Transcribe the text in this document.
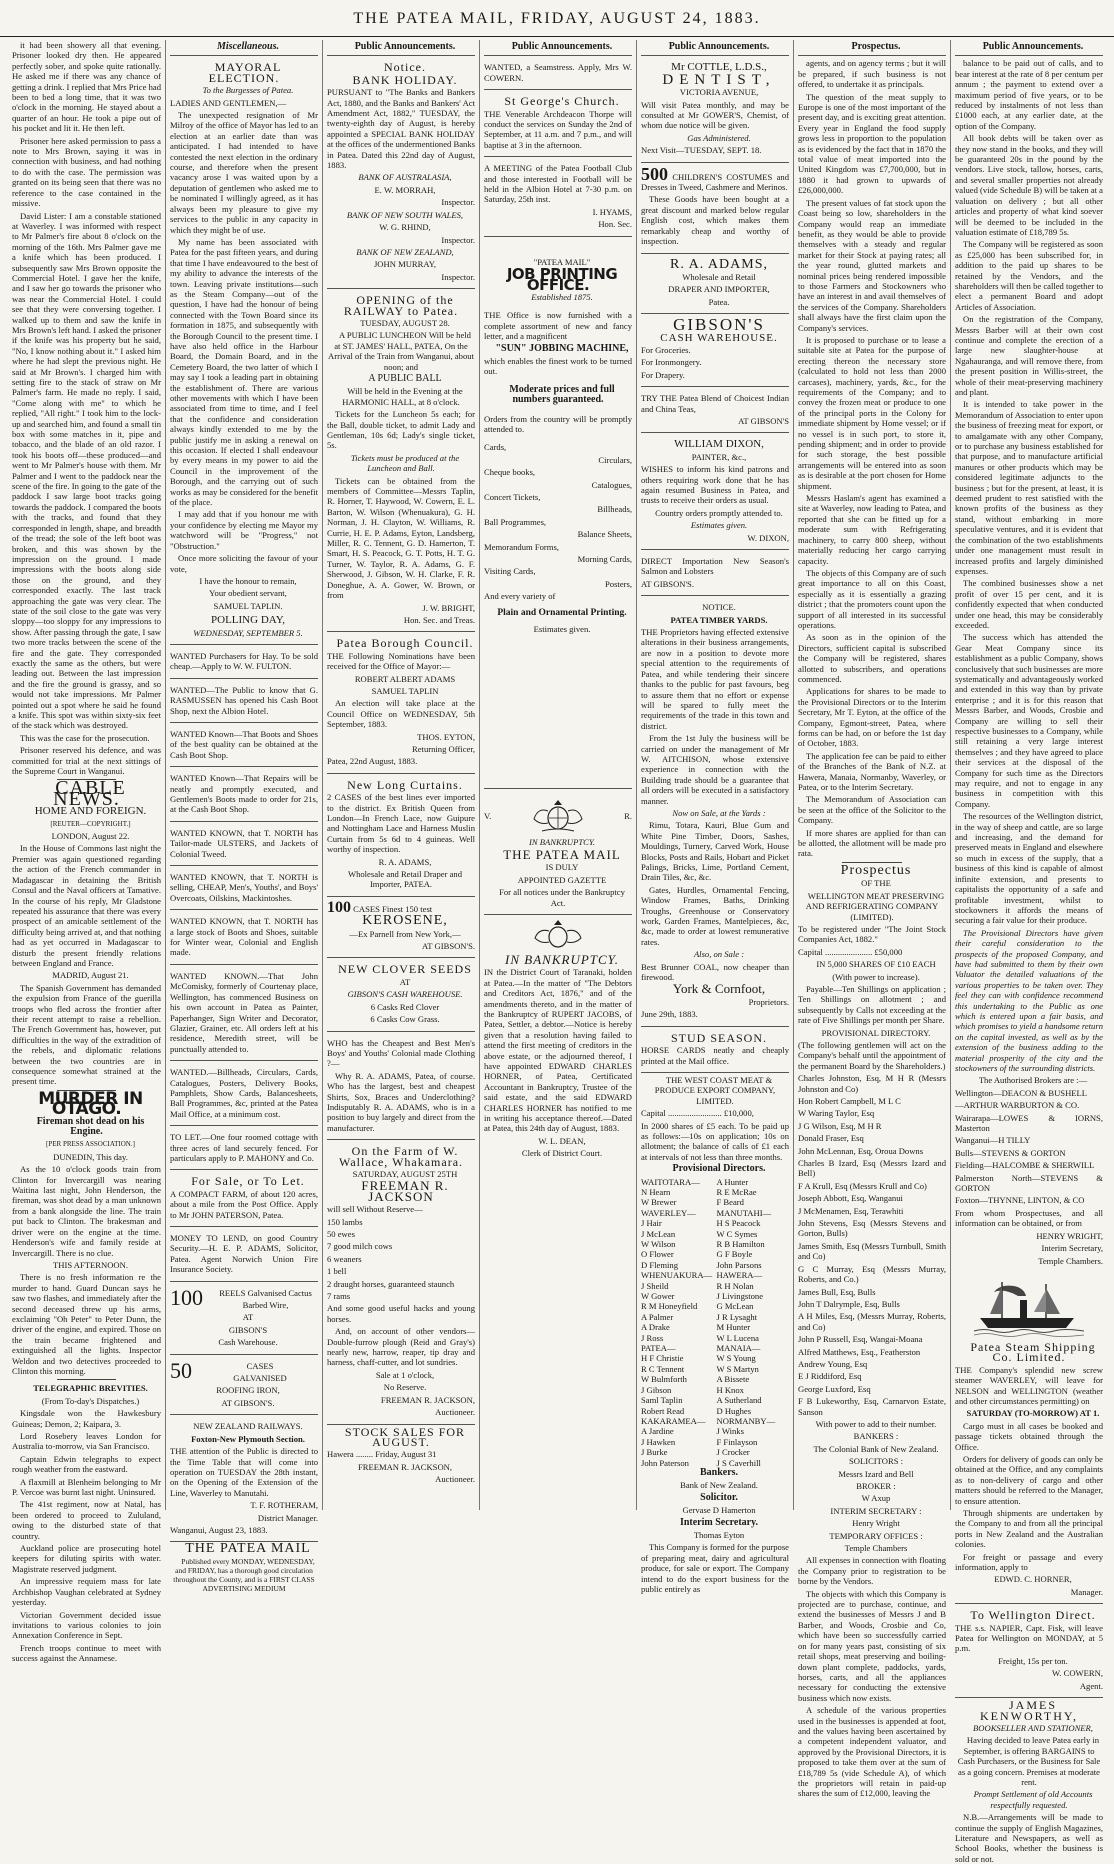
THE PATEA MAIL, FRIDAY, AUGUST 24, 1883.

it had been showery all that evening. Prisoner looked dry then. He appeared perfectly sober, and spoke quite rationally. He asked me if there was any chance of getting a drink. I replied that Mrs Price had been to bed a long time, that it was two o'clock in the morning. He stayed about a quarter of an hour. He took a pipe out of his pocket and lit it. He then left.

Prisoner here asked permission to pass a note to Mrs Brown, saying it was in connection with business, and had nothing to do with the case. The permission was granted on its being seen that there was no reference to the case contained in the missive.

David Lister: I am a constable stationed at Waverley. I was informed with respect to Mr Palmer's fire about 8 o'clock on the morning of the 16th. Mrs Palmer gave me a knife which has been produced. I subsequently saw Mrs Brown opposite the Commercial Hotel. I gave her the knife, and I saw her go towards the prisoner who was near the Commercial Hotel. I could see that they were conversing together. I walked up to them and saw the knife in Mrs Brown's left hand. I asked the prisoner if the knife was his property but he said, "No, I know nothing about it." I asked him where he had slept the previous night. He said at Mr Brown's. I charged him with setting fire to the stack of straw on Mr Palmer's farm. He made no reply. I said, "Come along with me" to which he replied, "All right." I took him to the lock-up and searched him, and found a small tin box with some matches in it, pipe and tobacco, and the blade of an old razor. I took his boots off—these produced—and went to Mr Palmer's house with them. Mr Palmer and I went to the paddock near the scene of the fire. In going to the gate of the paddock I saw large boot tracks going towards the paddock. I compared the boots with the tracks, and found that they corresponded in length, shape, and breadth of the tread; the sole of the left boot was broken, and this was shown by the impression on the ground. I made impressions with the boots along side those on the ground, and they corresponded exactly. The last track approaching the gate was very clear. The state of the soil close to the gate was very sloppy—too sloppy for any impressions to show. After passing through the gate, I saw two more tracks between the scene of the fire and the gate. They corresponded exactly the same as the others, but were leading out. Between the last impression and the fire the ground is grassy, and so would not take impressions. Mr Palmer pointed out a spot where he said he found a knife. This spot was within sixty-six feet of the stack which was destroyed.

This was the case for the prosecution.

Prisoner reserved his defence, and was committed for trial at the next sittings of the Supreme Court in Wanganui.

CABLE NEWS.

HOME AND FOREIGN.

[REUTER—COPYRIGHT.]

LONDON, August 22.

In the House of Commons last night the Premier was again questioned regarding the action of the French commander in Madagascar in detaining the British Consul and the Naval officers at Tamative. In the course of his reply, Mr Gladstone repeated his assurance that there was every prospect of an amicable settlement of the difficulty being arrived at, and that nothing had as yet occurred in Madagascar to disturb the present friendly relations between England and France.

MADRID, August 21.

The Spanish Government has demanded the expulsion from France of the guerilla troops who fled across the frontier after their recent attempt to raise a rebellion. The French Government has, however, put difficulties in the way of the extradition of the rebels, and diplomatic relations between the two countries are in consequence somewhat strained at the present time.

MURDER IN OTAGO.

Fireman shot dead on his Engine.

[PER PRESS ASSOCIATION.]

DUNEDIN, This day.

As the 10 o'clock goods train from Clinton for Invercargill was nearing Waitina last night, John Henderson, the fireman, was shot dead by a man unknown from a bank alongside the line. The train put back to Clinton. The brakesman and driver were on the engine at the time. Henderson's wife and family reside at Invercargill. There is no clue.

THIS AFTERNOON.

There is no fresh information re the murder to hand. Guard Duncan says he saw two flashes, and immediately after the second deceased threw up his arms, exclaiming "Oh Peter" to Peter Dunn, the driver of the engine, and expired. Those on the train became frightened and extinguished all the lights. Inspector Weldon and two detectives proceeded to Clinton this morning.

TELEGRAPHIC BREVITIES.

(From To-day's Dispatches.)

Kingsdale won the Hawkesbury Guineas; Demon, 2; Kaipara, 3.

Lord Rosebery leaves London for Australia to-morrow, via San Francisco.

Captain Edwin telegraphs to expect rough weather from the eastward.

A flaxmill at Blenheim belonging to Mr P. Vercoe was burnt last night. Uninsured.

The 41st regiment, now at Natal, has been ordered to proceed to Zululand, owing to the disturbed state of that country.

Auckland police are prosecuting hotel keepers for diluting spirits with water. Magistrate reserved judgment.

An impressive requiem mass for late Archbishop Vaughan celebrated at Sydney yesterday.

Victorian Government decided issue invitations to various colonies to join Annexation Conference in Sept.

French troops continue to meet with success against the Annamese.

Miscellaneous.

MAYORAL ELECTION.

To the Burgesses of Patea.

LADIES AND GENTLEMEN,—

The unexpected resignation of Mr Milroy of the office of Mayor has led to an election at an earlier date than was anticipated. I had intended to have contested the next election in the ordinary course, and therefore when the present vacancy arose I was waited upon by a deputation of gentlemen who asked me to be nominated I willingly agreed, as it has always been my pleasure to give my services to the public in any capacity in which they might be of use.

My name has been associated with Patea for the past fifteen years, and during that time I have endeavoured to the best of my ability to advance the interests of the town. Leaving private institutions—such as the Steam Company—out of the question, I have had the honour of being connected with the Town Board since its formation in 1875, and subsequently with the Borough Council to the present time. I have also held office in the Harbour Board, the Domain Board, and in the Cemetery Board, the two latter of which I may say I took a leading part in obtaining the establishment of. There are various other movements with which I have been associated from time to time, and I feel that the confidence and consideration always kindly extended to me by the public justify me in asking a renewal on this occasion. If elected I shall endeavour by every means in my power to aid the Council in the improvement of the Borough, and the carrying out of such works as may be considered for the benefit of the place.

I may add that if you honour me with your confidence by electing me Mayor my watchword will be "Progress," not "Obstruction."

Once more soliciting the favour of your vote,

I have the honour to remain,

Your obedient servant,

SAMUEL TAPLIN.

POLLING DAY,

WEDNESDAY, SEPTEMBER 5.

WANTED Purchasers for Hay. To be sold cheap.—Apply to W. W. FULTON.

WANTED—The Public to know that G. RASMUSSEN has opened his Cash Boot Shop, next the Albion Hotel.

WANTED Known—That Boots and Shoes of the best quality can be obtained at the Cash Boot Shop.

WANTED Known—That Repairs will be neatly and promptly executed, and Gentlemen's Boots made to order for 21s, at the Cash Boot Shop.

WANTED KNOWN, that T. NORTH has Tailor-made ULSTERS, and Jackets of Colonial Tweed.

WANTED KNOWN, that T. NORTH is selling, CHEAP, Men's, Youths', and Boys' Overcoats, Oilskins, Mackintoshes.

WANTED KNOWN, that T. NORTH has a large stock of Boots and Shoes, suitable for Winter wear, Colonial and English made.

WANTED KNOWN.—That John McComisky, formerly of Courtenay place, Wellington, has commenced Business on his own account in Patea as Painter, Paperhanger, Sign Writer and Decorator, Glazier, Grainer, etc. All orders left at his residence, Meredith street, will be punctually attended to.

WANTED.—Billheads, Circulars, Cards, Catalogues, Posters, Delivery Books, Pamphlets, Show Cards, Balancesheets, Ball Programmes, &c, printed at the Patea Mail Office, at a minimum cost.

TO LET.—One four roomed cottage with three acres of land securely fenced. For particulars apply to P. MAHONY and Co.

For Sale, or To Let.

A COMPACT FARM, of about 120 acres, about a mile from the Post Office. Apply to Mr JOHN PATERSON, Patea.

MONEY TO LEND, on good Country Security.—H. E. P. ADAMS, Solicitor, Patea. Agent Norwich Union Fire Insurance Society.

100	REELS Galvanised Cactus

Barbed Wire,

AT

GIBSON'S

Cash Warehouse.

50	CASES

GALVANISED

ROOFING IRON,

AT GIBSON'S.

NEW ZEALAND RAILWAYS.

Foxton-New Plymouth Section.

THE attention of the Public is directed to the Time Table that will come into operation on TUESDAY the 28th instant, on the Opening of the Extension of the Line, Waverley to Manutahi.

T. F. ROTHERAM,

District Manager.

Wanganui, August 23, 1883.

THE PATEA MAIL

Published every MONDAY, WEDNESDAY, and FRIDAY, has a thorough good circulation throughout the County, and is a FIRST CLASS ADVERTISING MEDIUM

Public Announcements.

Notice.

BANK HOLIDAY.

PURSUANT to "The Banks and Bankers Act, 1880, and the Banks and Bankers' Act Amendment Act, 1882," TUESDAY, the twenty-eighth day of August, is hereby appointed a SPECIAL BANK HOLIDAY at the offices of the undermentioned Banks in Patea. Dated this 22nd day of August, 1883.

BANK OF AUSTRALASIA,

E. W. MORRAH,

Inspector.

BANK OF NEW SOUTH WALES,

W. G. RHIND,

Inspector.

BANK OF NEW ZEALAND,

JOHN MURRAY,

Inspector.

OPENING of the RAILWAY to Patea.

TUESDAY, AUGUST 28.

A PUBLIC LUNCHEON Will be held at ST. JAMES' HALL, PATEA, On the Arrival of the Train from Wanganui, about noon; and

A PUBLIC BALL

Will be held in the Evening at the HARMONIC HALL, at 8 o'clock.

Tickets for the Luncheon 5s each; for the Ball, double ticket, to admit Lady and Gentleman, 10s 6d; Lady's single ticket, 5s.

Tickets must be produced at the Luncheon and Ball.

Tickets can be obtained from the members of Committee—Messrs Taplin, R. Horner, T. Haywood, W. Cowern, E. L. Barton, W. Wilson (Whenuakura), G. H. Norman, J. H. Clayton, W. Williams, R. Currie, H. E. P. Adams, Eyton, Landsberg, Miller, R. C. Tennent, G. D. Hamerton, T. Smart, H. S. Peacock, G. T. Potts, H. T. G. Turner, W. Taylor, R. A. Adams, G. F. Sherwood, J. Gibson, W. H. Clarke, F. R. Doneghue, A. A. Gower, W. Brown, or from

J. W. BRIGHT,

Hon. Sec. and Treas.

Patea Borough Council.

THE Following Nominations have been received for the Office of Mayor:—

ROBERT ALBERT ADAMS

SAMUEL TAPLIN

An election will take place at the Council Office on WEDNESDAY, 5th September, 1883.

THOS. EYTON,

Returning Officer,

Patea, 22nd August, 1883.

New Long Curtains.

2 CASES of the best lines ever imported to the district. Ex British Queen from London—In French Lace, now Guipure and Nottingham Lace and Harness Muslin Curtain from 5s 6d to 4 guineas. Well worthy of inspection.

R. A. ADAMS,

Wholesale and Retail Draper and Importer, PATEA.

100 CASES Finest 150 test

KEROSENE,

—Ex Parnell from New York,—

AT GIBSON'S.

NEW CLOVER SEEDS

AT

GIBSON'S CASH WAREHOUSE.

6 Casks Red Clover

6 Casks Cow Grass.

WHO has the Cheapest and Best Men's Boys' and Youths' Colonial made Clothing ?—

Why R. A. ADAMS, Patea, of course. Who has the largest, best and cheapest Shirts, Sox, Braces and Underclothing? Indisputably R. A. ADAMS, who is in a position to buy largely and direct from the manufacturer.

On the Farm of W. Wallace, Whakamara.

SATURDAY, AUGUST 25TH

FREEMAN R. JACKSON

will sell Without Reserve—

150 lambs

50 ewes

7 good milch cows

6 weaners

1 bell

2 draught horses, guaranteed staunch

7 rams

And some good useful hacks and young horses.

And, on account of other vendors—Double-furrow plough (Reid and Gray's) nearly new, harrow, reaper, tip dray and harness, chaff-cutter, and lot sundries.

Sale at 1 o'clock,

No Reserve.

FREEMAN R. JACKSON,

Auctioneer.

STOCK SALES FOR AUGUST.

Hawera ........ Friday, August 31

FREEMAN R. JACKSON,

Auctioneer.

Public Announcements.

WANTED, a Seamstress. Apply, Mrs W. COWERN.

St George's Church.

THE Venerable Archdeacon Thorpe will conduct the services on Sunday the 2nd of September, at 11 a.m. and 7 p.m., and will baptise at 3 in the afternoon.

A MEETING of the Patea Football Club and those interested in Football will be held in the Albion Hotel at 7-30 p.m. on Saturday, 25th inst.

I. HYAMS,

Hon. Sec.

"PATEA MAIL"

JOB PRINTING OFFICE.

Established 1875.

THE Office is now furnished with a complete assortment of new and fancy letter, and a magnificent

"SUN" JOBBING MACHINE,

which enables the finest work to be turned out.

Moderate prices and full numbers guaranteed.

Orders from the country will be promptly attended to.

Cards,

Circulars,

Cheque books,

Catalogues,

Concert Tickets,

Billheads,

Ball Programmes,

Balance Sheets,

Memorandum Forms,

Morning Cards,

Visiting Cards,

Posters,

And every variety of

Plain and Ornamental Printing.

Estimates given.

V.	R.

IN BANKRUPTCY.

THE PATEA MAIL

IS DULY

APPOINTED GAZETTE

For all notices under the Bankruptcy Act.

IN BANKRUPTCY.

IN the District Court of Taranaki, holden at Patea.—In the matter of "The Debtors and Creditors Act, 1876," and of the amendments thereto, and in the matter of the Bankruptcy of RUPERT JACOBS, of Patea, Settler, a debtor.—Notice is hereby given that a resolution having failed to attend the first meeting of creditors in the above estate, or the adjourned thereof, I have appointed EDWARD CHARLES HORNER, of Patea, Certificated Accountant in Bankruptcy, Trustee of the said estate, and the said EDWARD CHARLES HORNER has notified to me in writing his acceptance thereof.—Dated at Patea, this 24th day of August, 1883.

W. L. DEAN,

Clerk of District Court.

Public Announcements.

Mr COTTLE, L.D.S.,

DENTIST,

VICTORIA AVENUE,

Will visit Patea monthly, and may be consulted at Mr GOWER'S, Chemist, of whom due notice will be given.

Gas Administered.

Next Visit—TUESDAY, SEPT. 18.

500 CHILDREN'S COSTUMES and Dresses in Tweed, Cashmere and Merinos.

These Goods have been bought at a great discount and marked below regular English cost, which makes them remarkably cheap and worthy of inspection.

R. A. ADAMS,

Wholesale and Retail

DRAPER AND IMPORTER,

Patea.

GIBSON'S

CASH WAREHOUSE.

For Groceries.

For Ironmongery.

For Drapery.

TRY THE Patea Blend of Choicest Indian and China Teas,

AT GIBSON'S

WILLIAM DIXON,

PAINTER, &c.,

WISHES to inform his kind patrons and others requiring work done that he has again resumed Business in Patea, and trusts to receive their orders as usual.

Country orders promptly attended to.

Estimates given.

W. DIXON,

DIRECT Importation New Season's Salmon and Lobsters

AT GIBSON'S.

NOTICE.

PATEA TIMBER YARDS.

THE Proprietors having effected extensive alterations in their business arrangements, are now in a position to devote more special attention to the requirements of Patea, and while tendering their sincere thanks to the public for past favours, beg to assure them that no effort or expense will be spared to fully meet the requirements of the trade in this town and district.

From the 1st July the business will be carried on under the management of Mr W. AITCHISON, whose extensive experience in connection with the Building trade should be a guarantee that all orders will be executed in a satisfactory manner.

Now on Sale, at the Yards :

Rimu, Totara, Kauri, Blue Gum and White Pine Timber, Doors, Sashes, Mouldings, Turnery, Carved Work, House Blocks, Posts and Rails, Hobart and Picket Palings, Bricks, Lime, Portland Cement, Drain Tiles, &c, &c.

Gates, Hurdles, Ornamental Fencing, Window Frames, Baths, Drinking Troughs, Greenhouse or Conservatory work, Garden Frames, Mantelpieces, &c, &c, made to order at lowest remunerative rates.

Also, on Sale :

Best Brunner COAL, now cheaper than firewood.

York & Cornfoot,

Proprietors.

June 29th, 1883.

STUD SEASON.

HORSE CARDS neatly and cheaply printed at the Mail office.

THE WEST COAST MEAT & PRODUCE EXPORT COMPANY, LIMITED.

Capital ......................... £10,000,

In 2000 shares of £5 each. To be paid up as follows:—10s on application; 10s on allotment; the balance of calls of £1 each at intervals of not less than three months.

Provisional Directors.

WAITOTARA—	A Hunter
N Hearn	R E McRae
W Brewer	F Beard
WAVERLEY—	MANUTAHI—
J Hair	H S Peacock
J McLean	W C Symes
W Wilson	R B Hamilton
O Flower	G F Boyle
D Fleming	John Parsons
WHENUAKURA— HAWERA—
J Sheild	R H Nolan
W Gower	J Livingstone
R M Honeyfield	G McLean
A Palmer	J R Lysaght
A Drake	M Hunter
J Ross	W L Lucena
PATEA—	MANAIA—
H F Christie	W S Young
R C Tennent	W S Martyn
W Bulmforth	A Bissete
J Gibson	H Knox
Saml Taplin	A Sutherland
Robert Read	D Hughes
KAKARAMEA—	NORMANBY—
A Jardine	J Winks
J Hawken	F Finlayson
J Burke	J Crocker
John Paterson	J S Caverhill

Bankers.

Bank of New Zealand.

Solicitor.

Gervase D Hamerton

Interim Secretary.

Thomas Eyton

This Company is formed for the purpose of preparing meat, dairy and agricultural produce, for sale or export. The Company intend to do the export business for the public entirely as

Prospectus.

agents, and on agency terms ; but it will be prepared, if such business is not offered, to undertake it as principals.

The question of the meat supply to Europe is one of the most important of the present day, and is exciting great attention. Every year in England the food supply grows less in proportion to the population as is evidenced by the fact that in 1870 the total value of meat imported into the United Kingdom was £7,700,000, but in 1880 it had grown to upwards of £26,000,000.

The present values of fat stock upon the Coast being so low, shareholders in the Company would reap an immediate benefit, as they would be able to provide themselves with a steady and regular market for their Stock at paying rates; all the year round, glutted markets and nominal prices being rendered impossible to those Farmers and Stockowners who have an interest in and avail themselves of the services of the Company. Shareholders shall always have the first claim upon the Company's services.

It is proposed to purchase or to lease a suitable site at Patea for the purpose of erecting thereon the necessary store (calculated to hold not less than 2000 carcases), machinery, yards, &c., for the requirements of the Company; and to convey the frozen meat or produce to one of the principal ports in the Colony for immediate shipment by Home vessel; or if no vessel is in such port, to store it, pending shipment; and in order to provide for such storage, the best possible arrangements will be entered into as soon as is desirable at the port chosen for Home shipment.

Messrs Haslam's agent has examined a site at Waverley, now leading to Patea, and reported that she can be fitted up for a moderate sum with Refrigerating machinery, to carry 800 sheep, without materially reducing her cargo carrying capacity.

The objects of this Company are of such great importance to all on this Coast, especially as it is essentially a grazing district ; that the promoters count upon the support of all interested in its successful operations.

As soon as in the opinion of the Directors, sufficient capital is subscribed the Company will be registered, shares allotted to subscribers, and operations commenced.

Applications for shares to be made to the Provisional Directors or to the Interim Secretary, Mr T. Eyton, at the office of the Company, Egmont-street, Patea, where forms can be had, on or before the 1st day of October, 1883.

The application fee can be paid to either of the Branches of the Bank of N.Z. at Hawera, Manaia, Normanby, Waverley, or Patea, or to the Interim Secretary.

The Memorandum of Association can be seen at the office of the Solicitor to the Company.

If more shares are applied for than can be allotted, the allotment will be made pro rata.

Prospectus

OF THE

WELLINGTON MEAT PRESERVING AND REFRIGERATING COMPANY (LIMITED).

To be registered under "The Joint Stock Companies Act, 1882."

Capital ...................... £50,000

IN 5,000 SHARES OF £10 EACH

(With power to increase).

Payable—Ten Shillings on application ; Ten Shillings on allotment ; and subsequently by Calls not exceeding at the rate of Five Shillings per month per Share.

PROVISIONAL DIRECTORY.

(The following gentlemen will act on the Company's behalf until the appointment of the permanent Board by the Shareholders.)

Charles Johnston, Esq, M H R (Messrs Johnston and Co)

Hon Robert Campbell, M L C

W Waring Taylor, Esq

J G Wilson, Esq, M H R

Donald Fraser, Esq

John McLennan, Esq, Oroua Downs

Charles B Izard, Esq (Messrs Izard and Bell)

F A Krull, Esq (Messrs Krull and Co)

Joseph Abbott, Esq, Wanganui

J McMenamen, Esq, Terawhiti

John Stevens, Esq (Messrs Stevens and Gorton, Bulls)

James Smith, Esq (Messrs Turnbull, Smith and Co)

G C Murray, Esq (Messrs Murray, Roberts, and Co.)

James Bull, Esq, Bulls

John T Dalrymple, Esq, Bulls

A H Miles, Esq, (Messrs Murray, Roberts, and Co)

John P Russell, Esq, Wangai-Moana

Alfred Matthews, Esq., Featherston

Andrew Young, Esq

E J Riddiford, Esq

George Luxford, Esq

F B Lukeworthy, Esq, Carnarvon Estate, Sanson

With power to add to their number.

BANKERS :

The Colonial Bank of New Zealand.

SOLICITORS :

Messrs Izard and Bell

BROKER :

W Axup

INTERIM SECRETARY :

Henry Wright

TEMPORARY OFFICES :

Temple Chambers

All expenses in connection with floating the Company prior to registration to be borne by the Vendors.

The objects with which this Company is projected are to purchase, continue, and extend the businesses of Messrs J and B Barber, and Woods, Crosbie and Co, which have been so successfully carried on for many years past, consisting of six retail shops, meat preserving and boiling-down plant complete, paddocks, yards, horses, carts, and all the appliances necessary for conducting the extensive business which now exists.

A schedule of the various properties used in the businesses is appended at foot, and the values having been ascertained by a competent independent valuator, and approved by the Provisional Directors, it is proposed to take them over at the sum of £18,789 5s (vide Schedule A), of which the proprietors will retain in paid-up shares the sum of £12,000, leaving the

Public Announcements.

balance to be paid out of calls, and to bear interest at the rate of 8 per centum per annum ; the payment to extend over a maximum period of five years, or to be reduced by instalments of not less than £1000 each, at any earlier date, at the option of the Company.

All book debts will be taken over as they now stand in the books, and they will be guaranteed 20s in the pound by the vendors. Live stock, tallow, horses, carts, and several smaller properties not already valued (vide Schedule B) will be taken at a valuation on delivery ; but all other articles and property of what kind soever will be deemed to be included in the valuation estimate of £18,789 5s.

The Company will be registered as soon as £25,000 has been subscribed for, in addition to the paid up shares to be retained by the Vendors, and the shareholders will then be called together to elect a permanent Board and adopt Articles of Association.

On the registration of the Company, Messrs Barber will at their own cost continue and complete the erection of a large new slaughter-house at Ngahauranga, and will remove there, from the present position in Willis-street, the whole of their meat-preserving machinery and plant.

It is intended to take power in the Memorandum of Association to enter upon the business of freezing meat for export, or to amalgamate with any other Company, or to purchase any business established for that purpose, and to manufacture artificial manures or other products which may be considered legitimate adjuncts to the business ; but for the present, at least, it is deemed prudent to rest satisfied with the known profits of the business as they stand, without embarking in more speculative ventures, and it is evident that the combination of the two establishments under one management must result in increased profits and largely diminished expenses.

The combined businesses show a net profit of over 15 per cent, and it is confidently expected that when conducted under one head, this may be considerably exceeded.

The success which has attended the Gear Meat Company since its establishment as a public Company, shows conclusively that such businesses are more systematically and advantageously worked and extended in this way than by private enterprise ; and it is for this reason that Messrs Barber, and Woods, Crosbie and Company are willing to sell their respective businesses to a Company, while still retaining a very large interest themselves ; and they have agreed to place their services at the disposal of the Company for such time as the Directors may require, and not to engage in any business in competition with this Company.

The resources of the Wellington district, in the way of sheep and cattle, are so large and increasing, and the demand for preserved meats in England and elsewhere so much in excess of the supply, that a business of this kind is capable of almost infinite extension, and presents to capitalists the opportunity of a safe and profitable investment, whilst to stockowners it affords the means of securing a fair value for their produce.

The Provisional Directors have given their careful consideration to the prospects of the proposed Company, and have had submitted to them by their own Valuator the detailed valuations of the various properties to be taken over. They feel they can with confidence recommend this undertaking to the Public as one which is entered upon a fair basis, and which promises to yield a handsome return on the capital invested, as well as by the extension of the business adding to the material prosperity of the city and the stockowners of the surrounding districts.

The Authorised Brokers are :—

Wellington—DEACON & BUSHELL

—ARTHUR WARBURTON & CO.

Wairarapa—LOWES & IORNS, Masterton

Wanganui—H TILLY

Bulls—STEVENS & GORTON

Fielding—HALCOMBE & SHERWILL

Palmerston North—STEVENS & GORTON

Foxton—THYNNE, LINTON, & CO

From whom Prospectuses, and all information can be obtained, or from

HENRY WRIGHT,

Interim Secretary,

Temple Chambers.

Patea Steam Shipping Co. Limited.

THE Company's splendid new screw steamer WAVERLEY, will leave for NELSON and WELLINGTON (weather and other circumstances permitting) on

SATURDAY (TO-MORROW) AT 1.

Cargo must in all cases be booked and passage tickets obtained through the Office.

Orders for delivery of goods can only be obtained at the Office, and any complaints as to non-delivery of cargo and other matters should be referred to the Manager, to ensure attention.

Through shipments are undertaken by the Company to and from all the principal ports in New Zealand and the Australian colonies.

For freight or passage and every information, apply to

EDWD. C. HORNER,

Manager.

To Wellington Direct.

THE s.s. NAPIER, Capt. Fisk, will leave Patea for Wellington on MONDAY, at 5 p.m.

Freight, 15s per ton.

W. COWERN,

Agent.

JAMES KENWORTHY,

BOOKSELLER AND STATIONER,

Having decided to leave Patea early in September, is offering BARGAINS to Cash Purchasers, or the Business for Sale as a going concern. Premises at moderate rent.

Prompt Settlement of old Accounts respectfully requested.

N.B.—Arrangements will be made to continue the supply of English Magazines, Literature and Newspapers, as well as School Books, whether the business is sold or not.
